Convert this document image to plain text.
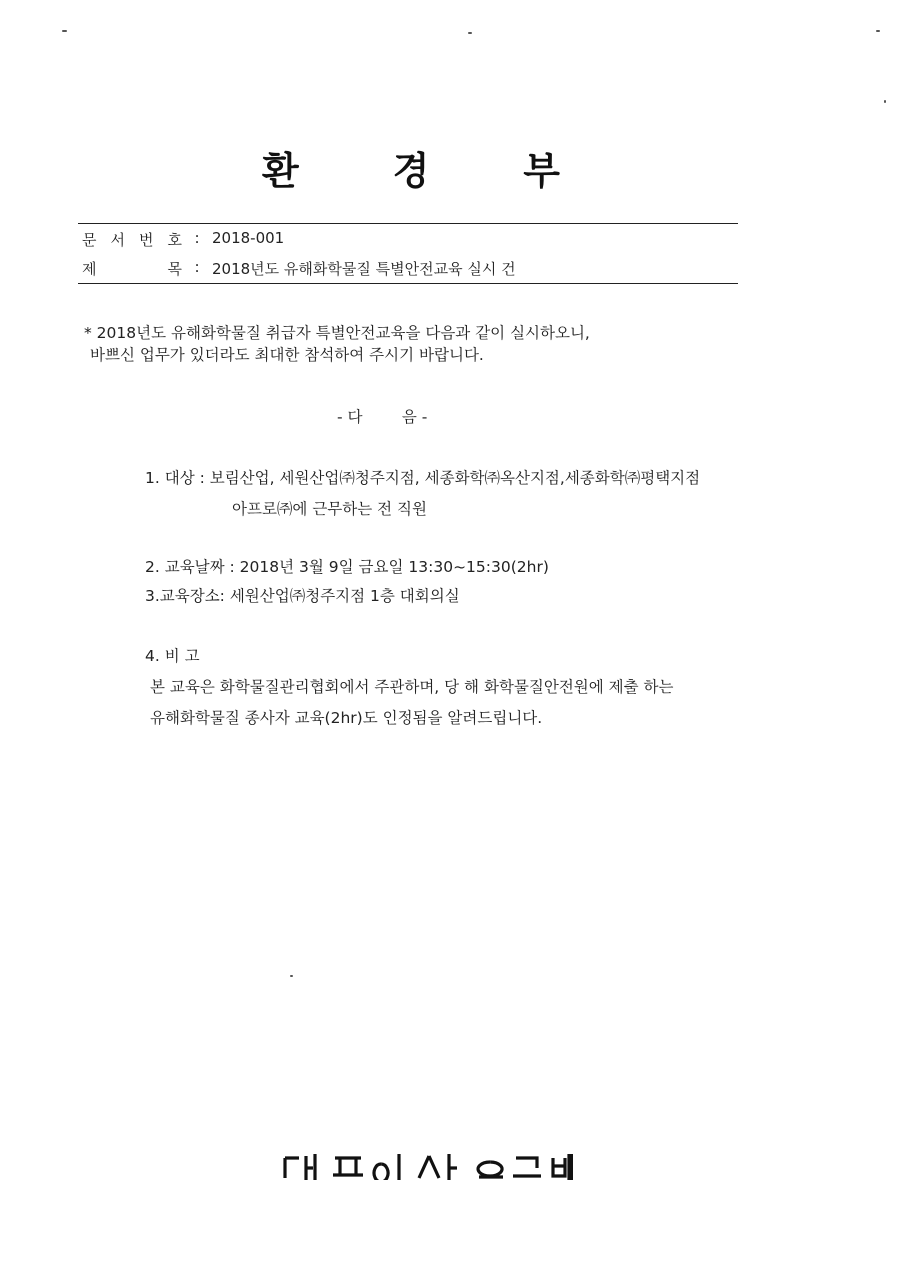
환 경 부
문 서 번 호 : 2018-001
제	목 : 2018년도 유해화학물질 특별안전교육 실시 건
* 2018년도 유해화학물질 취급자 특별안전교육을 다음과 같이 실시하오니,
바쁘신 업무가 있더라도 최대한 참석하여 주시기 바랍니다.
- 다        음 -
1. 대상 : 보림산업, 세원산업㈜청주지점, 세종화학㈜옥산지점,세종화학㈜평택지점
아프로㈜에 근무하는 전 직원
2. 교육날짜 : 2018년 3월 9일 금요일 13:30~15:30(2hr)
3.교육장소: 세원산업㈜청주지점 1층 대회의실
4. 비 고
본 교육은 화학물질관리협회에서 주관하며, 당 해 화학물질안전원에 제출 하는
유해화학물질 종사자 교육(2hr)도 인정됨을 알려드립니다.
